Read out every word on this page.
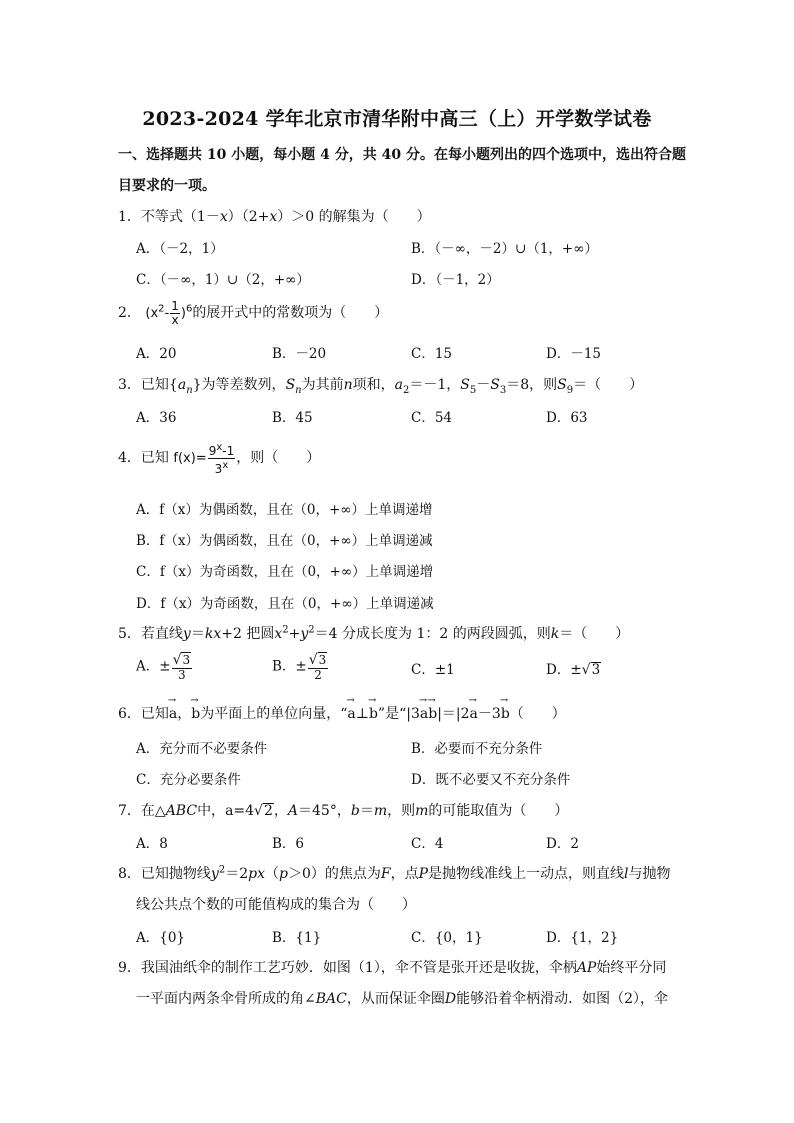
2023-2024 学年北京市清华附中高三（上）开学数学试卷
一、选择题共 10 小题，每小题 4 分，共 40 分。在每小题列出的四个选项中，选出符合题
目要求的一项。
1．不等式（1－x）（2+x）＞0 的解集为（　　）
A．（－2，1）	B．（－∞，－2）∪（1，+∞）
C．（－∞，1）∪（2，+∞）	D．（－1，2）
2． $(x^2- \frac{1}{x} )^6$的展开式中的常数项为（　　）
A．20	B．－20	C．15	D．－15
3．已知$\{a_n\}$为等差数列，$S_n$为其前n项和，$a_2=-1$，$S_5-S_3=8$，则$S_9=$（　　）
A．36	B．45	C．54	D．63
4．已知 $f(x)= \frac{9^x-1}{3^x}$ ，则（　　）
A．f（x）为偶函数，且在（0，+∞）上单调递增
B．f（x）为偶函数，且在（0，+∞）上单调递减
C．f（x）为奇函数，且在（0，+∞）上单调递增
D．f（x）为奇函数，且在（0，+∞）上单调递减
5．若直线y＝kx+2 把圆$x^2+y^2=4$ 分成长度为 1：2 的两段圆弧，则k＝（　　）
A．± $\frac{√3}{3}$	B．± $\frac{√3}{2}$	C．±1	D．±√3
6．已知→ a，→ b为平面上的单位向量，“→ a⊥→ b”是“|3→ a→ b|＝|2→ a－3→ b（　　）
A．充分而不必要条件	B．必要而不充分条件
C．充分必要条件	D．既不必要又不充分条件
7．在△ABC中，a=4√2，A＝45°，b＝m，则m的可能取值为（　　）
A．8	B．6	C．4	D．2
8．已知抛物线$y^2=2px(p>0)$的焦点为F，点P是抛物线准线上一动点，则直线l与抛物
线公共点个数的可能值构成的集合为（　　）
A．{0}	B．{1}	C．{0，1}	D．{1，2}
9．我国油纸伞的制作工艺巧妙．如图（1），伞不管是张开还是收拢，伞柄AP始终平分同
一平面内两条伞骨所成的角∠BAC，从而保证伞圈D能够沿着伞柄滑动．如图（2），伞
